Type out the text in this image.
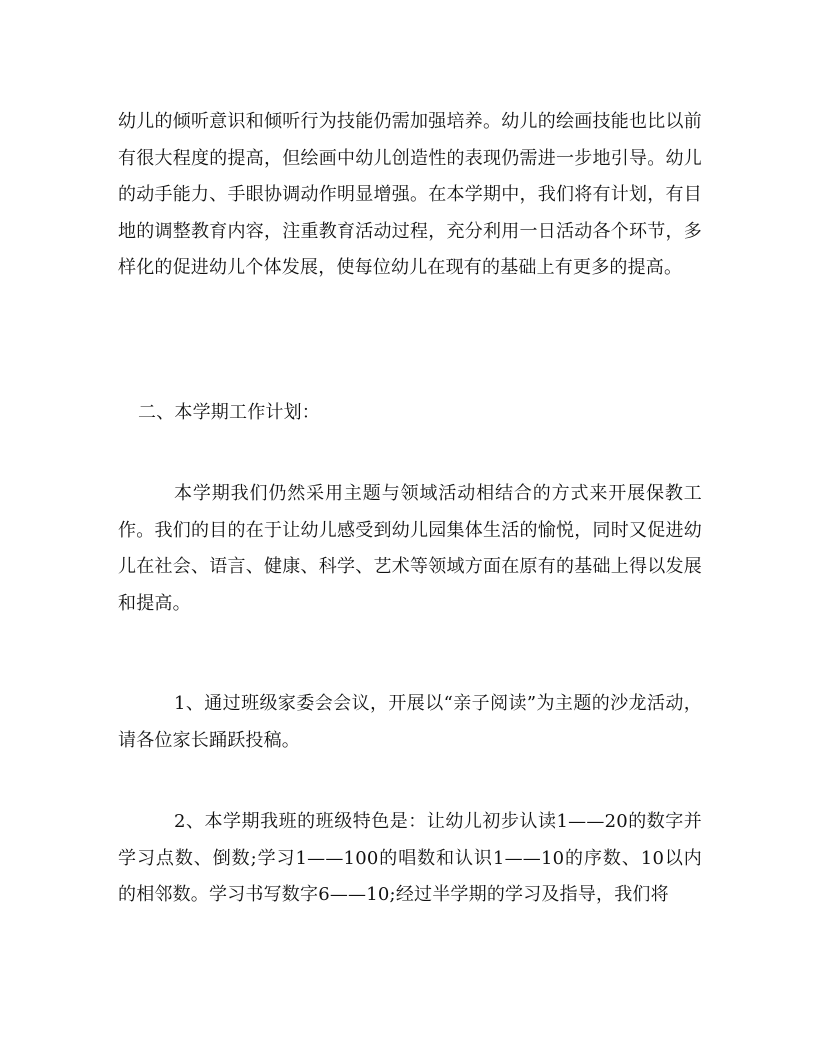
幼儿的倾听意识和倾听行为技能仍需加强培养。幼儿的绘画技能也比以前有很大程度的提高，但绘画中幼儿创造性的表现仍需进一步地引导。幼儿的动手能力、手眼协调动作明显增强。在本学期中，我们将有计划，有目地的调整教育内容，注重教育活动过程，充分利用一日活动各个环节，多样化的促进幼儿个体发展，使每位幼儿在现有的基础上有更多的提高。

二、本学期工作计划：

本学期我们仍然采用主题与领域活动相结合的方式来开展保教工作。我们的目的在于让幼儿感受到幼儿园集体生活的愉悦，同时又促进幼儿在社会、语言、健康、科学、艺术等领域方面在原有的基础上得以发展和提高。

1、通过班级家委会会议，开展以“亲子阅读”为主题的沙龙活动，请各位家长踊跃投稿。

2、本学期我班的班级特色是：让幼儿初步认读1——20的数字并学习点数、倒数;学习1——100的唱数和认识1——10的序数、10以内的相邻数。学习书写数字6——10;经过半学期的学习及指导，我们将
